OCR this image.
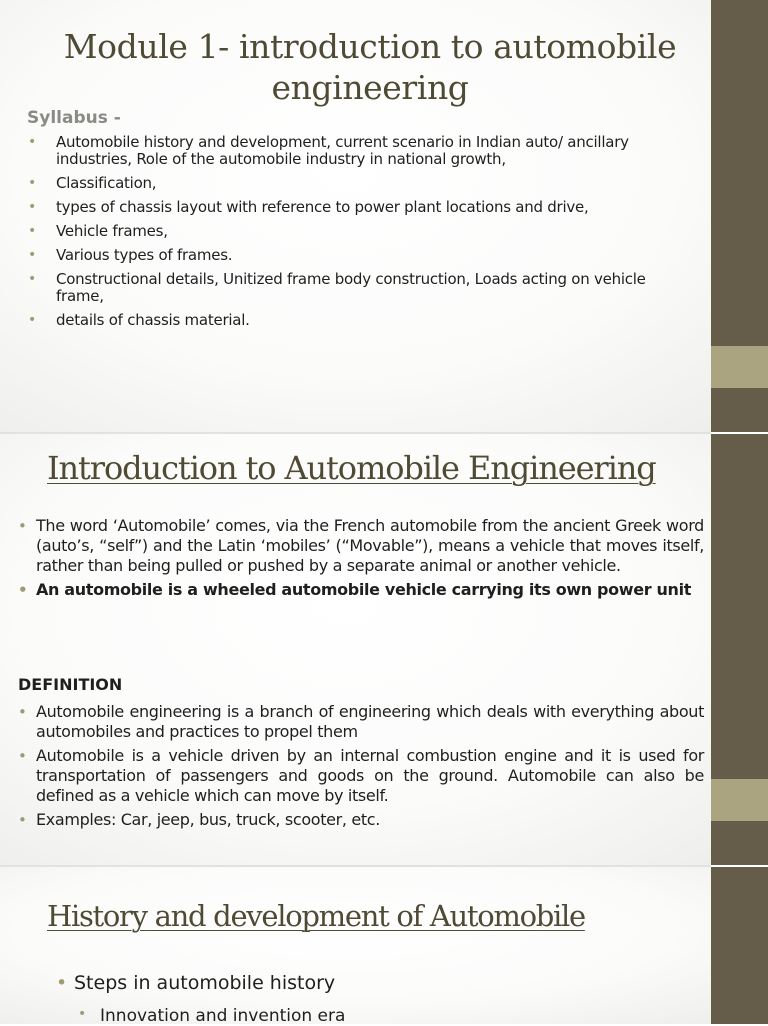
Module 1- introduction to automobile engineering
Syllabus -
• Automobile history and development, current scenario in Indian auto/ ancillary industries, Role of the automobile industry in national growth,
• Classification,
• types of chassis layout with reference to power plant locations and drive,
• Vehicle frames,
• Various types of frames.
• Constructional details, Unitized frame body construction, Loads acting on vehicle frame,
• details of chassis material.
Introduction to Automobile Engineering
• The word ‘Automobile’ comes, via the French automobile from the ancient Greek word (auto’s, “self”) and the Latin ‘mobiles’ (“Movable”), means a vehicle that moves itself, rather than being pulled or pushed by a separate animal or another vehicle.
• An automobile is a wheeled automobile vehicle carrying its own power unit
DEFINITION
• Automobile engineering is a branch of engineering which deals with everything about automobiles and practices to propel them
• Automobile is a vehicle driven by an internal combustion engine and it is used for transportation of passengers and goods on the ground. Automobile can also be defined as a vehicle which can move by itself.
• Examples: Car, jeep, bus, truck, scooter, etc.
History and development of Automobile
• Steps in automobile history
• Innovation and invention era
